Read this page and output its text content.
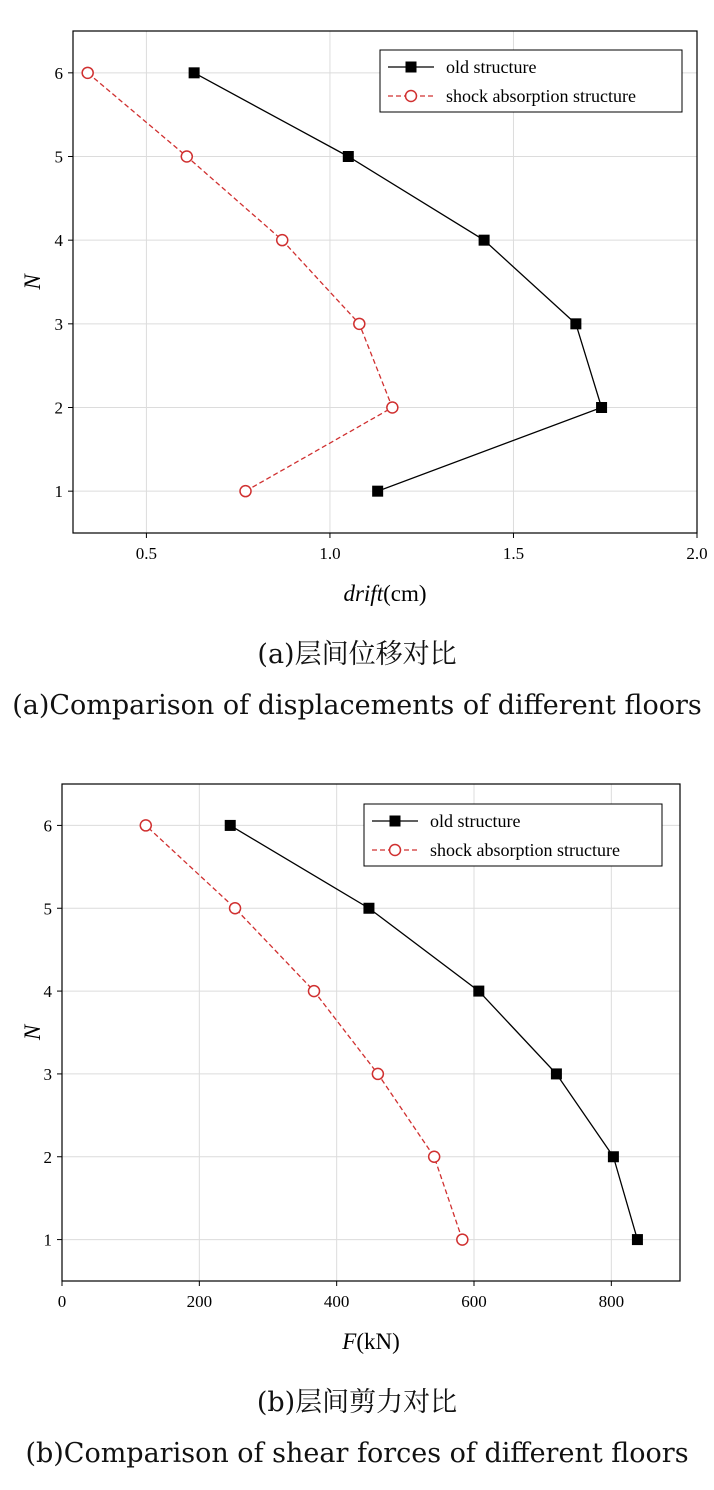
0.5	1.0	1.5	2.0
1
2
3
4
5
6
drift(cm)
N
old structure
shock absorption structure
(a)层间位移对比
(a)Comparison of displacements of different floors
0	200	400	600	800
1
2
3
4
5
6
F(kN)
N
old structure
shock absorption structure
(b)层间剪力对比
(b)Comparison of shear forces of different floors
